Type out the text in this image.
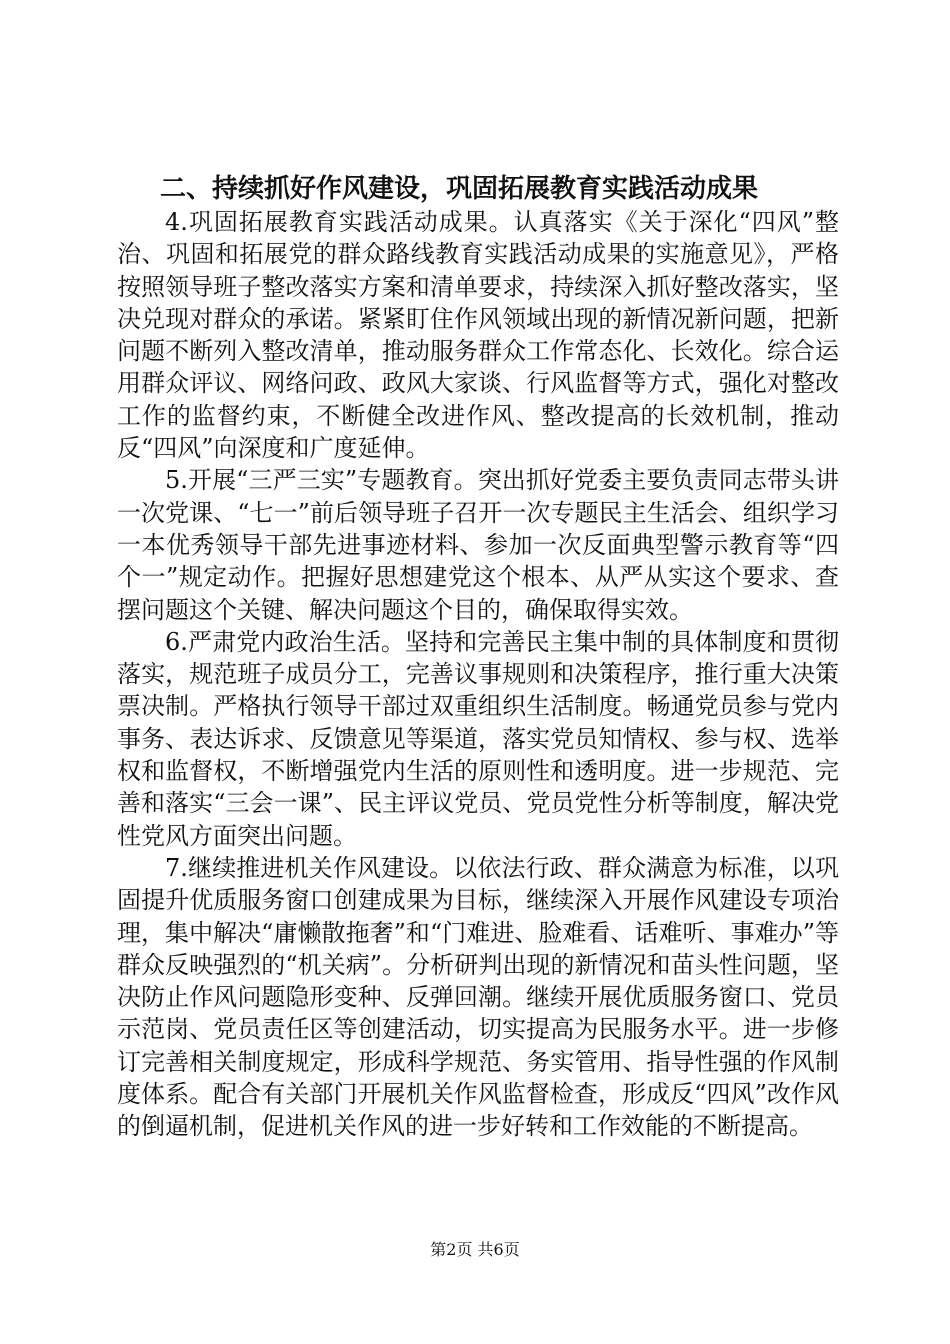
二、持续抓好作风建设，巩固拓展教育实践活动成果

4.巩固拓展教育实践活动成果。认真落实《关于深化“四风”整治、巩固和拓展党的群众路线教育实践活动成果的实施意见》，严格按照领导班子整改落实方案和清单要求，持续深入抓好整改落实，坚决兑现对群众的承诺。紧紧盯住作风领域出现的新情况新问题，把新问题不断列入整改清单，推动服务群众工作常态化、长效化。综合运用群众评议、网络问政、政风大家谈、行风监督等方式，强化对整改工作的监督约束，不断健全改进作风、整改提高的长效机制，推动反“四风”向深度和广度延伸。

5.开展“三严三实”专题教育。突出抓好党委主要负责同志带头讲一次党课、“七一”前后领导班子召开一次专题民主生活会、组织学习一本优秀领导干部先进事迹材料、参加一次反面典型警示教育等“四个一”规定动作。把握好思想建党这个根本、从严从实这个要求、查摆问题这个关键、解决问题这个目的，确保取得实效。

6.严肃党内政治生活。坚持和完善民主集中制的具体制度和贯彻落实，规范班子成员分工，完善议事规则和决策程序，推行重大决策票决制。严格执行领导干部过双重组织生活制度。畅通党员参与党内事务、表达诉求、反馈意见等渠道，落实党员知情权、参与权、选举权和监督权，不断增强党内生活的原则性和透明度。进一步规范、完善和落实“三会一课”、民主评议党员、党员党性分析等制度，解决党性党风方面突出问题。

7.继续推进机关作风建设。以依法行政、群众满意为标准，以巩固提升优质服务窗口创建成果为目标，继续深入开展作风建设专项治理，集中解决“庸懒散拖奢”和“门难进、脸难看、话难听、事难办”等群众反映强烈的“机关病”。分析研判出现的新情况和苗头性问题，坚决防止作风问题隐形变种、反弹回潮。继续开展优质服务窗口、党员示范岗、党员责任区等创建活动，切实提高为民服务水平。进一步修订完善相关制度规定，形成科学规范、务实管用、指导性强的作风制度体系。配合有关部门开展机关作风监督检查，形成反“四风”改作风的倒逼机制，促进机关作风的进一步好转和工作效能的不断提高。

第2页 共6页
